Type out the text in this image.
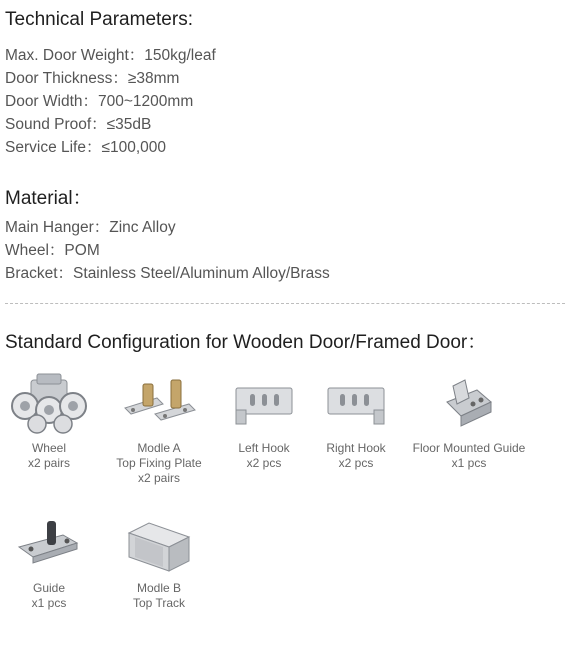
Technical Parameters:
Max. Door Weight：150kg/leaf
Door Thickness：≥38mm
Door Width：700~1200mm
Sound Proof：≤35dB
Service Life：≤100,000
Material：
Main Hanger：Zinc Alloy
Wheel：POM
Bracket：Stainless Steel/Aluminum Alloy/Brass
Standard Configuration for Wooden Door/Framed Door：
Wheel
x2 pairs
Modle A
Top Fixing Plate
x2 pairs
Left Hook
x2 pcs
Right Hook
x2 pcs
Floor Mounted Guide
x1 pcs
Guide
x1 pcs
Modle B
Top Track
